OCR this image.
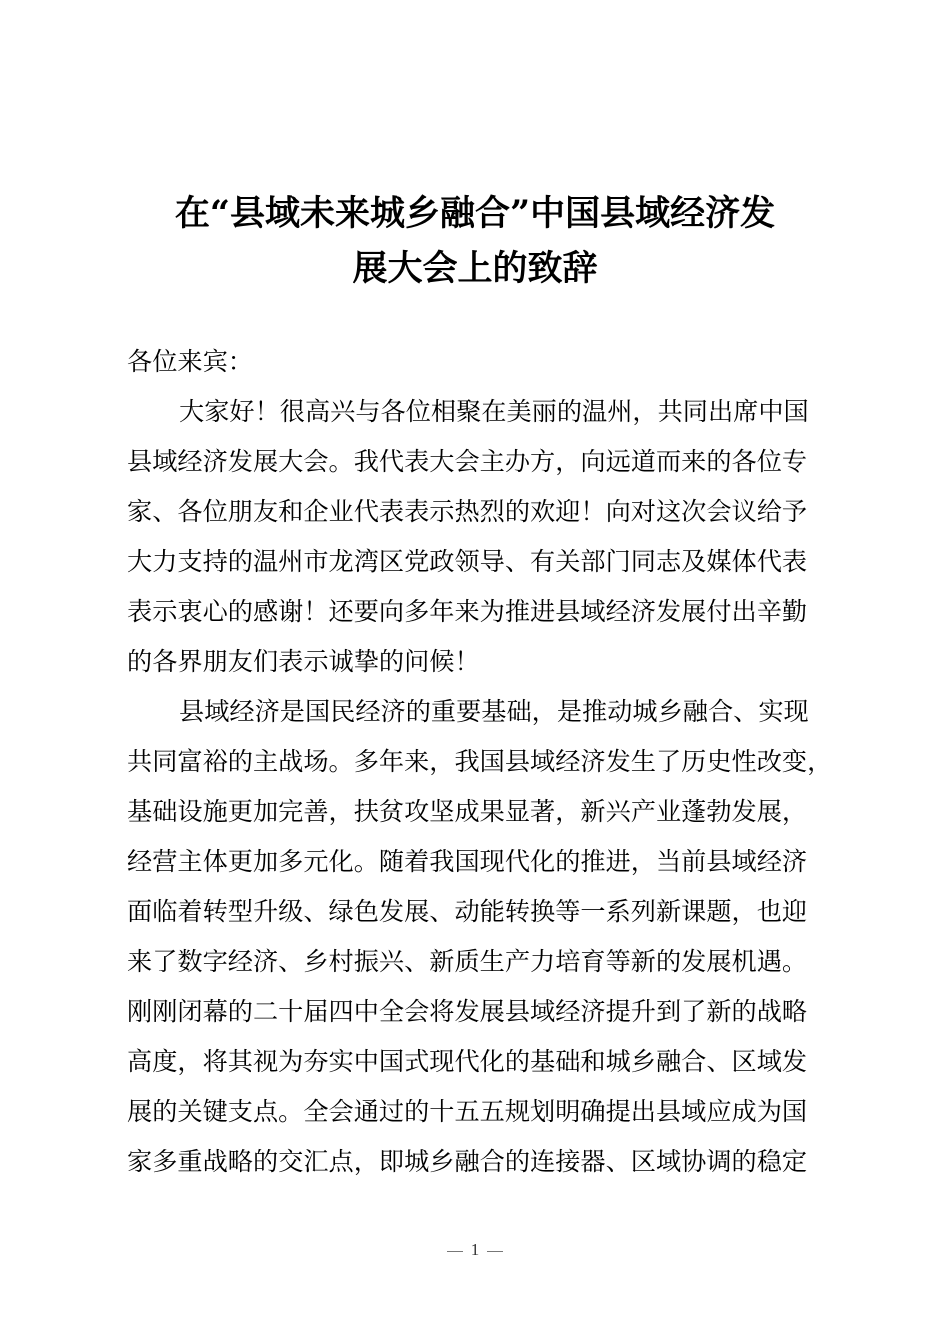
在“县域未来城乡融合”中国县域经济发
展大会上的致辞
各位来宾：
大家好！很高兴与各位相聚在美丽的温州，共同出席中国
县域经济发展大会。我代表大会主办方，向远道而来的各位专
家、各位朋友和企业代表表示热烈的欢迎！向对这次会议给予
大力支持的温州市龙湾区党政领导、有关部门同志及媒体代表
表示衷心的感谢！还要向多年来为推进县域经济发展付出辛勤
的各界朋友们表示诚挚的问候！
县域经济是国民经济的重要基础，是推动城乡融合、实现
共同富裕的主战场。多年来，我国县域经济发生了历史性改变，
基础设施更加完善，扶贫攻坚成果显著，新兴产业蓬勃发展，
经营主体更加多元化。随着我国现代化的推进，当前县域经济
面临着转型升级、绿色发展、动能转换等一系列新课题，也迎
来了数字经济、乡村振兴、新质生产力培育等新的发展机遇。
刚刚闭幕的二十届四中全会将发展县域经济提升到了新的战略
高度，将其视为夯实中国式现代化的基础和城乡融合、区域发
展的关键支点。全会通过的十五五规划明确提出县域应成为国
家多重战略的交汇点，即城乡融合的连接器、区域协调的稳定
1
